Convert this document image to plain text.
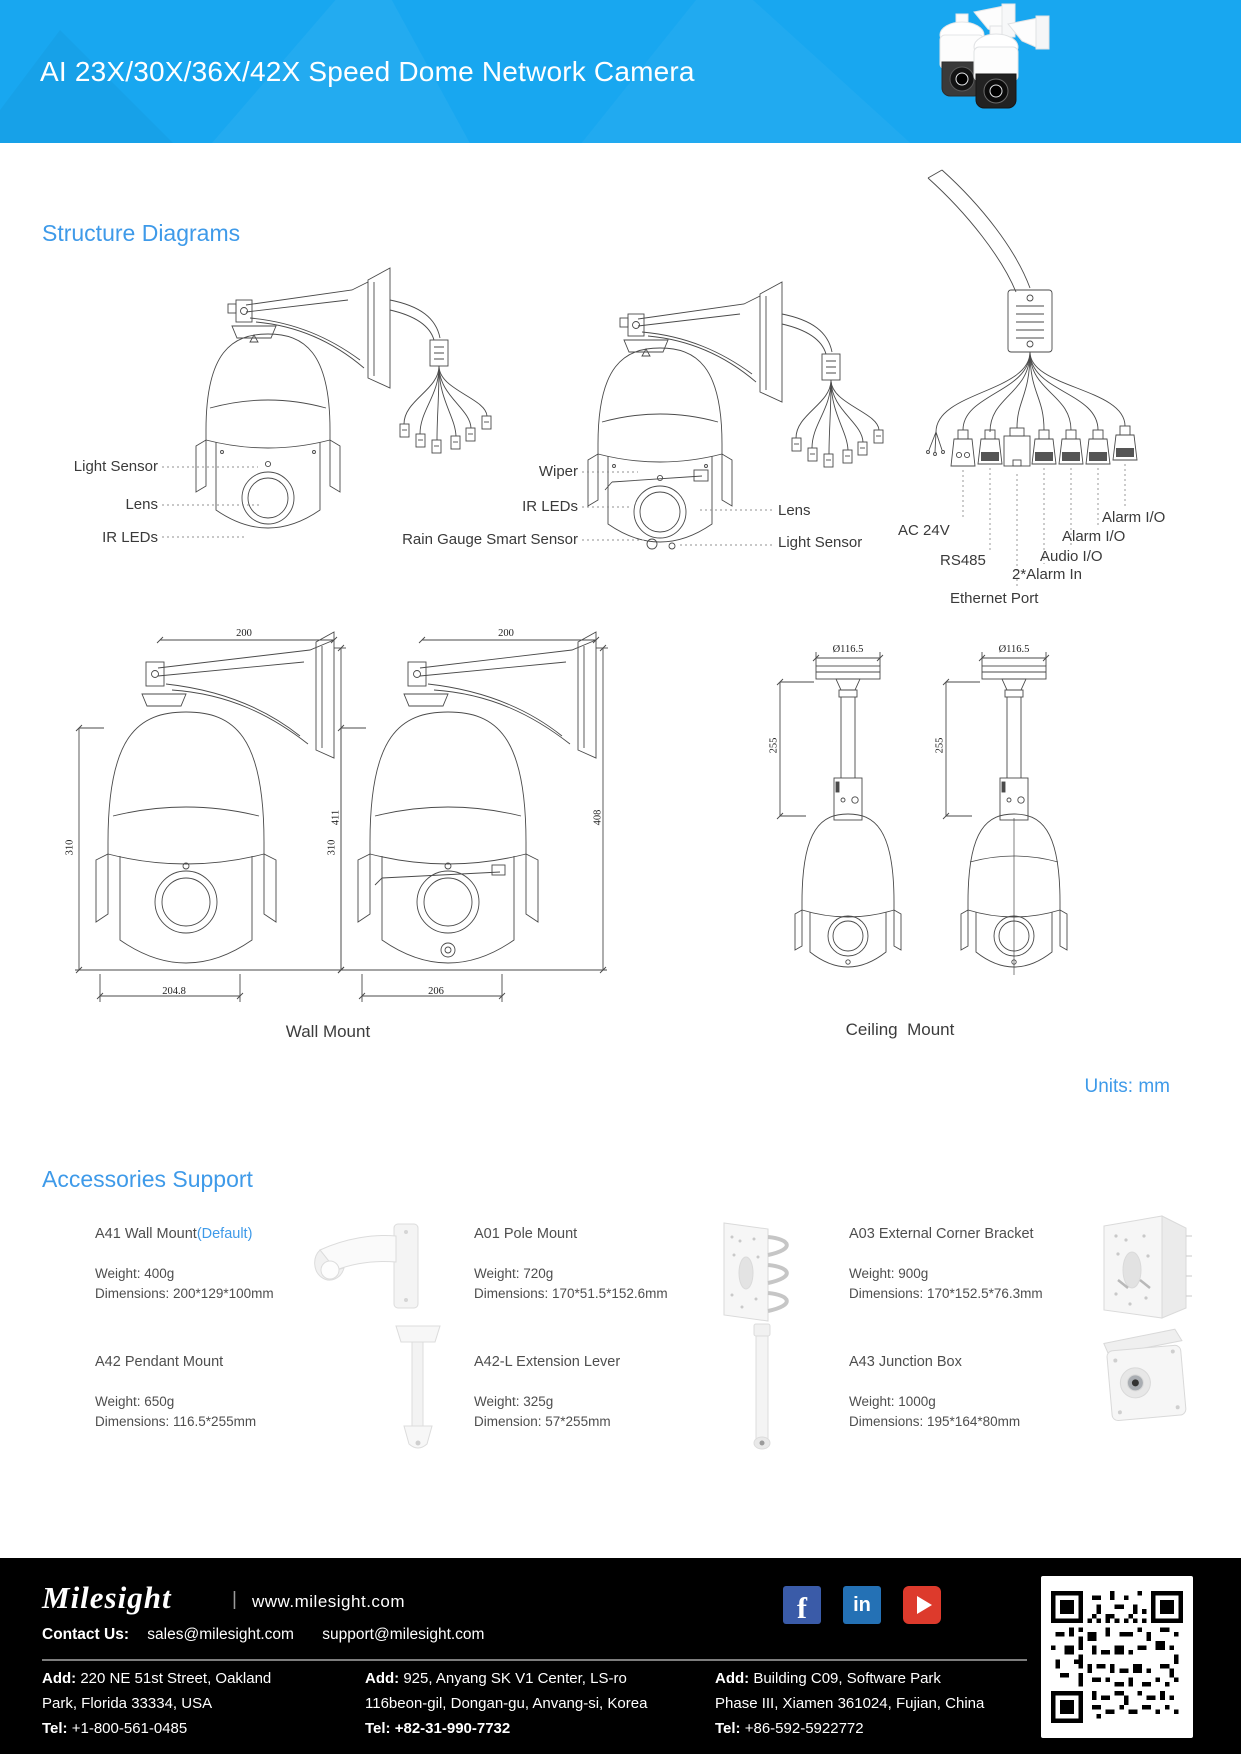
AI 23X/30X/36X/42X Speed Dome Network Camera
Structure Diagrams
Light Sensor
Lens
IR LEDs
Wiper
IR LEDs
Rain Gauge Smart Sensor
Lens
Light Sensor
AC 24V
RS485
Ethernet Port
2*Alarm In
Audio I/O
Alarm I/O
Alarm I/O
200
310
411
204.8
200
310
408
206
Ø116.5
255
Ø116.5
255
Wall Mount	Ceiling  Mount
Units: mm
Accessories Support

A41 Wall Mount(Default)

Weight: 400g

Dimensions: 200*129*100mm

A01 Pole Mount

Weight: 720g

Dimensions: 170*51.5*152.6mm

A03 External Corner Bracket

Weight: 900g

Dimensions: 170*152.5*76.3mm

A42 Pendant Mount

Weight: 650g

Dimensions: 116.5*255mm

A42-L Extension Lever

Weight: 325g

Dimension: 57*255mm

A43 Junction Box

Weight: 1000g

Dimensions: 195*164*80mm

Milesight	| www.milesight.com
Contact Us: sales@milesight.com support@milesight.com
f in
Add: 220 NE 51st Street, Oakland
Park, Florida 33334, USA
Tel: +1-800-561-0485
Add: 925, Anyang SK V1 Center, LS-ro
116beon-gil, Dongan-gu, Anvang-si, Korea
Tel: +82-31-990-7732
Add: Building C09, Software Park
Phase III, Xiamen 361024, Fujian, China
Tel: +86-592-5922772
